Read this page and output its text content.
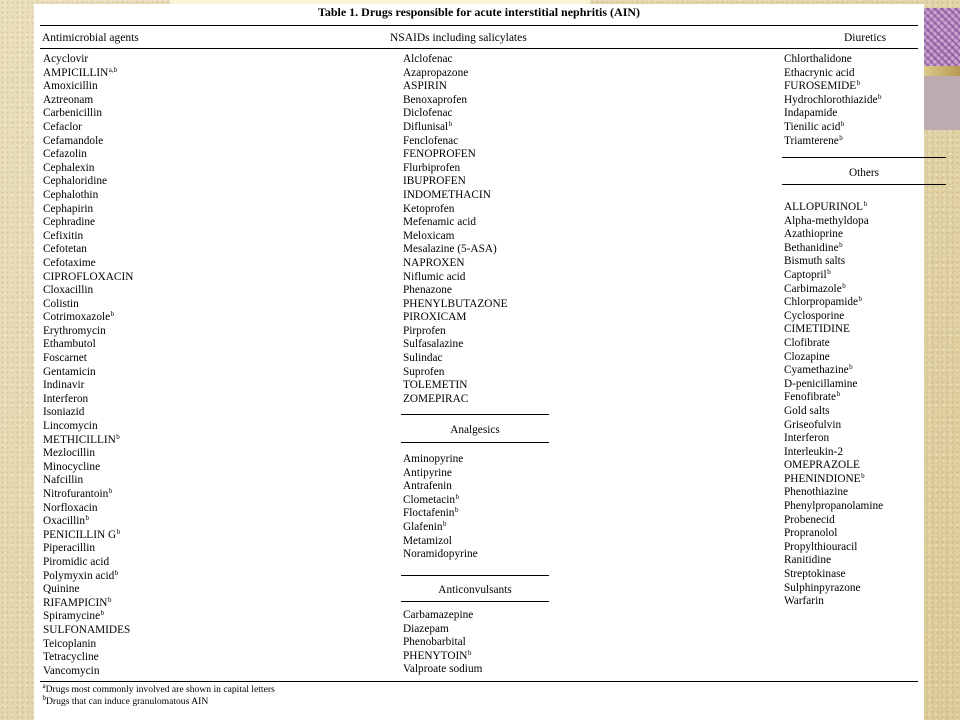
Table 1. Drugs responsible for acute interstitial nephritis (AIN)
Antimicrobial agents	NSAIDs including salicylates	Diuretics
Acyclovir
AMPICILLIN$^{a,b}$
Amoxicillin
Aztreonam
Carbenicillin
Cefaclor
Cefamandole
Cefazolin
Cephalexin
Cephaloridine
Cephalothin
Cephapirin
Cephradine
Cefixitin
Cefotetan
Cefotaxime
CIPROFLOXACIN
Cloxacillin
Colistin
Cotrimoxazole$^b$
Erythromycin
Ethambutol
Foscarnet
Gentamicin
Indinavir
Interferon
Isoniazid
Lincomycin
METHICILLIN$^b$
Mezlocillin
Minocycline
Nafcillin
Nitrofurantoin$^b$
Norfloxacin
Oxacillin$^b$
PENICILLIN $G^b$
Piperacillin
Piromidic acid
Polymyxin acid$^b$
Quinine
RIFAMPICIN$^b$
Spiramycine$^b$
SULFONAMIDES
Teicoplanin
Tetracycline
Vancomycin
Alclofenac
Azapropazone
ASPIRIN
Benoxaprofen
Diclofenac
Diflunisal$^b$
Fenclofenac
FENOPROFEN
Flurbiprofen
IBUPROFEN
INDOMETHACIN
Ketoprofen
Mefenamic acid
Meloxicam
Mesalazine (5-ASA)
NAPROXEN
Niflumic acid
Phenazone
PHENYLBUTAZONE
PIROXICAM
Pirprofen
Sulfasalazine
Sulindac
Suprofen
TOLEMETIN
ZOMEPIRAC
Analgesics
Aminopyrine
Antipyrine
Antrafenin
Clometacin$^b$
Floctafenin$^b$
Glafenin$^b$
Metamizol
Noramidopyrine
Anticonvulsants
Carbamazepine
Diazepam
Phenobarbital
PHENYTOIN$^b$
Valproate sodium
Chlorthalidone
Ethacrynic acid
FUROSEMIDE$^b$
Hydrochlorothiazide$^b$
Indapamide
Tienilic acid$^b$
Triamterene$^b$
Others
ALLOPURINOL$^b$
Alpha-methyldopa
Azathioprine
Bethanidine$^b$
Bismuth salts
Captopril$^b$
Carbimazole$^b$
Chlorpropamide$^b$
Cyclosporine
CIMETIDINE
Clofibrate
Clozapine
Cyamethazine$^b$
D-penicillamine
Fenofibrate$^b$
Gold salts
Griseofulvin
Interferon
Interleukin-2
OMEPRAZOLE
PHENINDIONE$^b$
Phenothiazine
Phenylpropanolamine
Probenecid
Propranolol
Propylthiouracil
Ranitidine
Streptokinase
Sulphinpyrazone
Warfarin
$^a$Drugs most commonly involved are shown in capital letters
$^b$Drugs that can induce granulomatous AIN
